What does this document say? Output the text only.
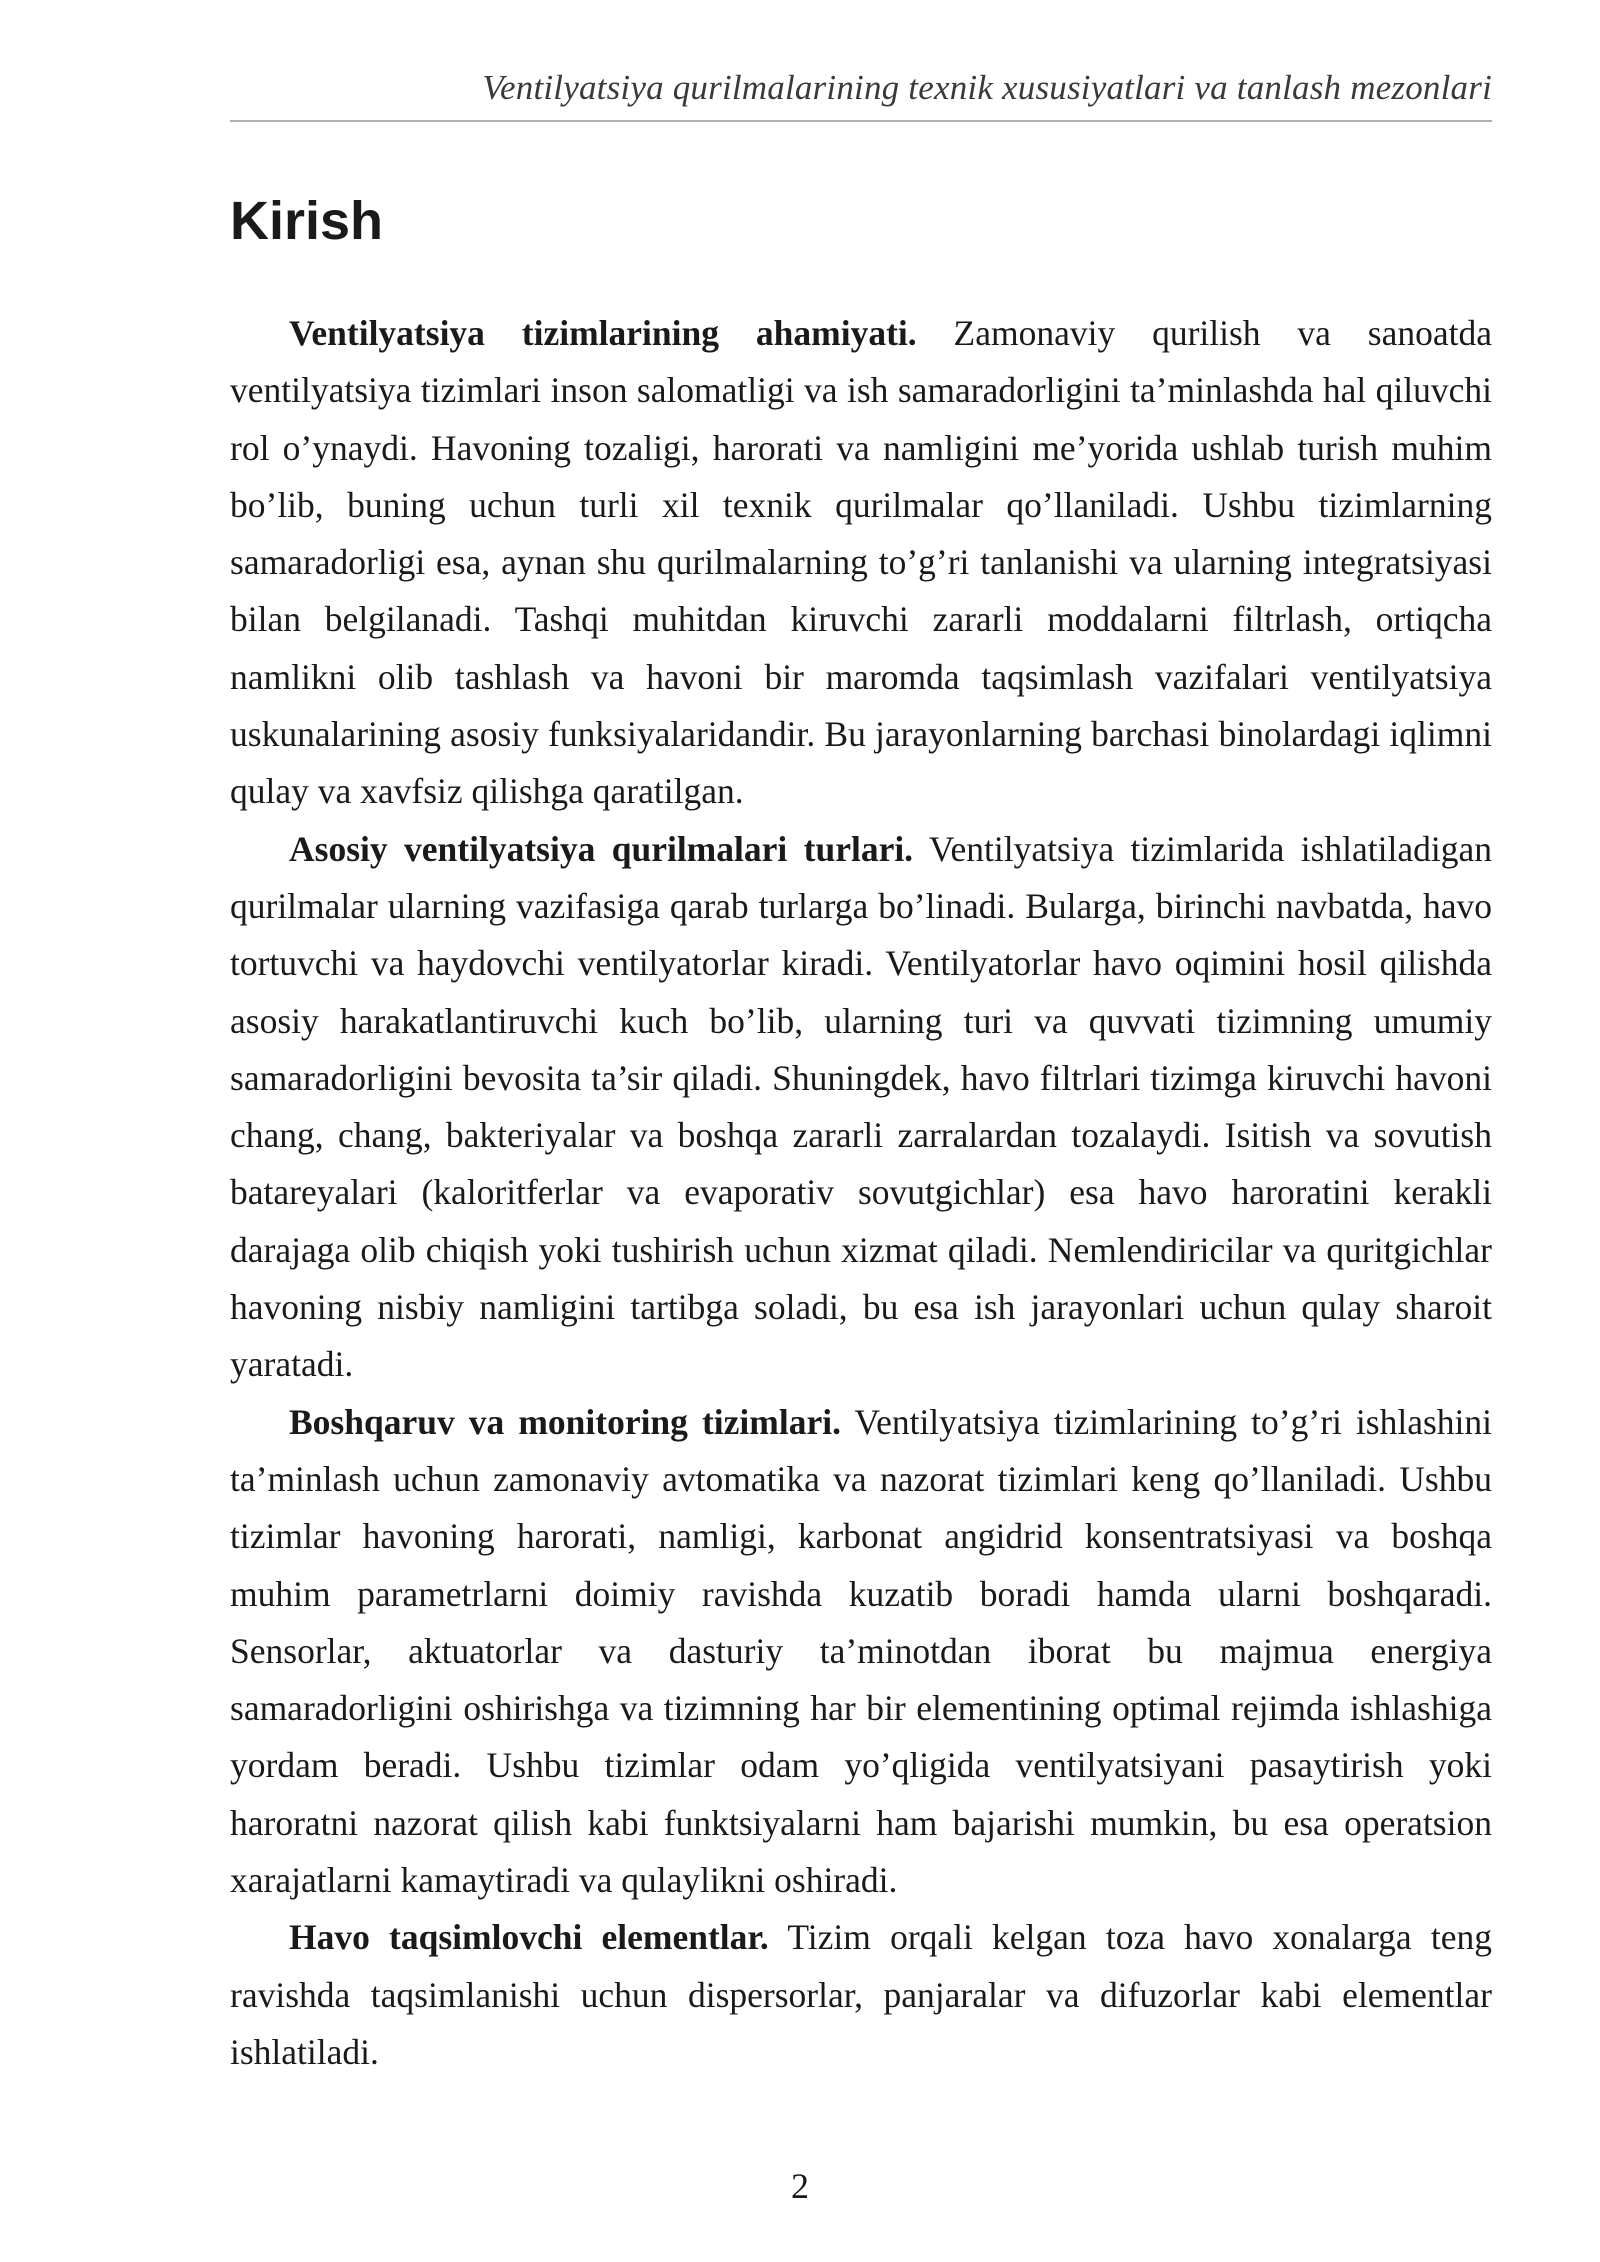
Ventilyatsiya qurilmalarining texnik xususiyatlari va tanlash mezonlari
Kirish

Ventilyatsiya tizimlarining ahamiyati. Zamonaviy qurilish va sanoatda ventilyatsiya tizimlari inson salomatligi va ish samaradorligini ta’minlashda hal qiluvchi rol o’ynaydi. Havoning tozaligi, harorati va namligini me’yorida ushlab turish muhim bo’lib, buning uchun turli xil texnik qurilmalar qo’llaniladi. Ushbu tizimlarning samaradorligi esa, aynan shu qurilmalarning to’g’ri tanlanishi va ularning integratsiyasi bilan belgilanadi. Tashqi muhitdan kiruvchi zararli moddalarni filtrlash, ortiqcha namlikni olib tashlash va havoni bir maromda taqsimlash vazifalari ventilyatsiya uskunalarining asosiy funksiyalaridandir. Bu jarayonlarning barchasi binolardagi iqlimni qulay va xavfsiz qilishga qaratilgan.

Asosiy ventilyatsiya qurilmalari turlari. Ventilyatsiya tizimlarida ishlatiladigan qurilmalar ularning vazifasiga qarab turlarga bo’linadi. Bularga, birinchi navbatda, havo tortuvchi va haydovchi ventilyatorlar kiradi. Ventilyatorlar havo oqimini hosil qilishda asosiy harakatlantiruvchi kuch bo’lib, ularning turi va quvvati tizimning umumiy samaradorligini bevosita ta’sir qiladi. Shuningdek, havo filtrlari tizimga kiruvchi havoni chang, chang, bakteriyalar va boshqa zararli zarralardan tozalaydi. Isitish va sovutish batareyalari (kaloritferlar va evaporativ sovutgichlar) esa havo haroratini kerakli darajaga olib chiqish yoki tushirish uchun xizmat qiladi. Nemlendiricilar va quritgichlar havoning nisbiy namligini tartibga soladi, bu esa ish jarayonlari uchun qulay sharoit yaratadi.

Boshqaruv va monitoring tizimlari. Ventilyatsiya tizimlarining to’g’ri ishlashini ta’minlash uchun zamonaviy avtomatika va nazorat tizimlari keng qo’llaniladi. Ushbu tizimlar havoning harorati, namligi, karbonat angidrid konsentratsiyasi va boshqa muhim parametrlarni doimiy ravishda kuzatib boradi hamda ularni boshqaradi. Sensorlar, aktuatorlar va dasturiy ta’minotdan iborat bu majmua energiya samaradorligini oshirishga va tizimning har bir elementining optimal rejimda ishlashiga yordam beradi. Ushbu tizimlar odam yo’qligida ventilyatsiyani pasaytirish yoki haroratni nazorat qilish kabi funktsiyalarni ham bajarishi mumkin, bu esa operatsion xarajatlarni kamaytiradi va qulaylikni oshiradi.

Havo taqsimlovchi elementlar. Tizim orqali kelgan toza havo xonalarga teng ravishda taqsimlanishi uchun dispersorlar, panjaralar va difuzorlar kabi elementlar ishlatiladi.

2
